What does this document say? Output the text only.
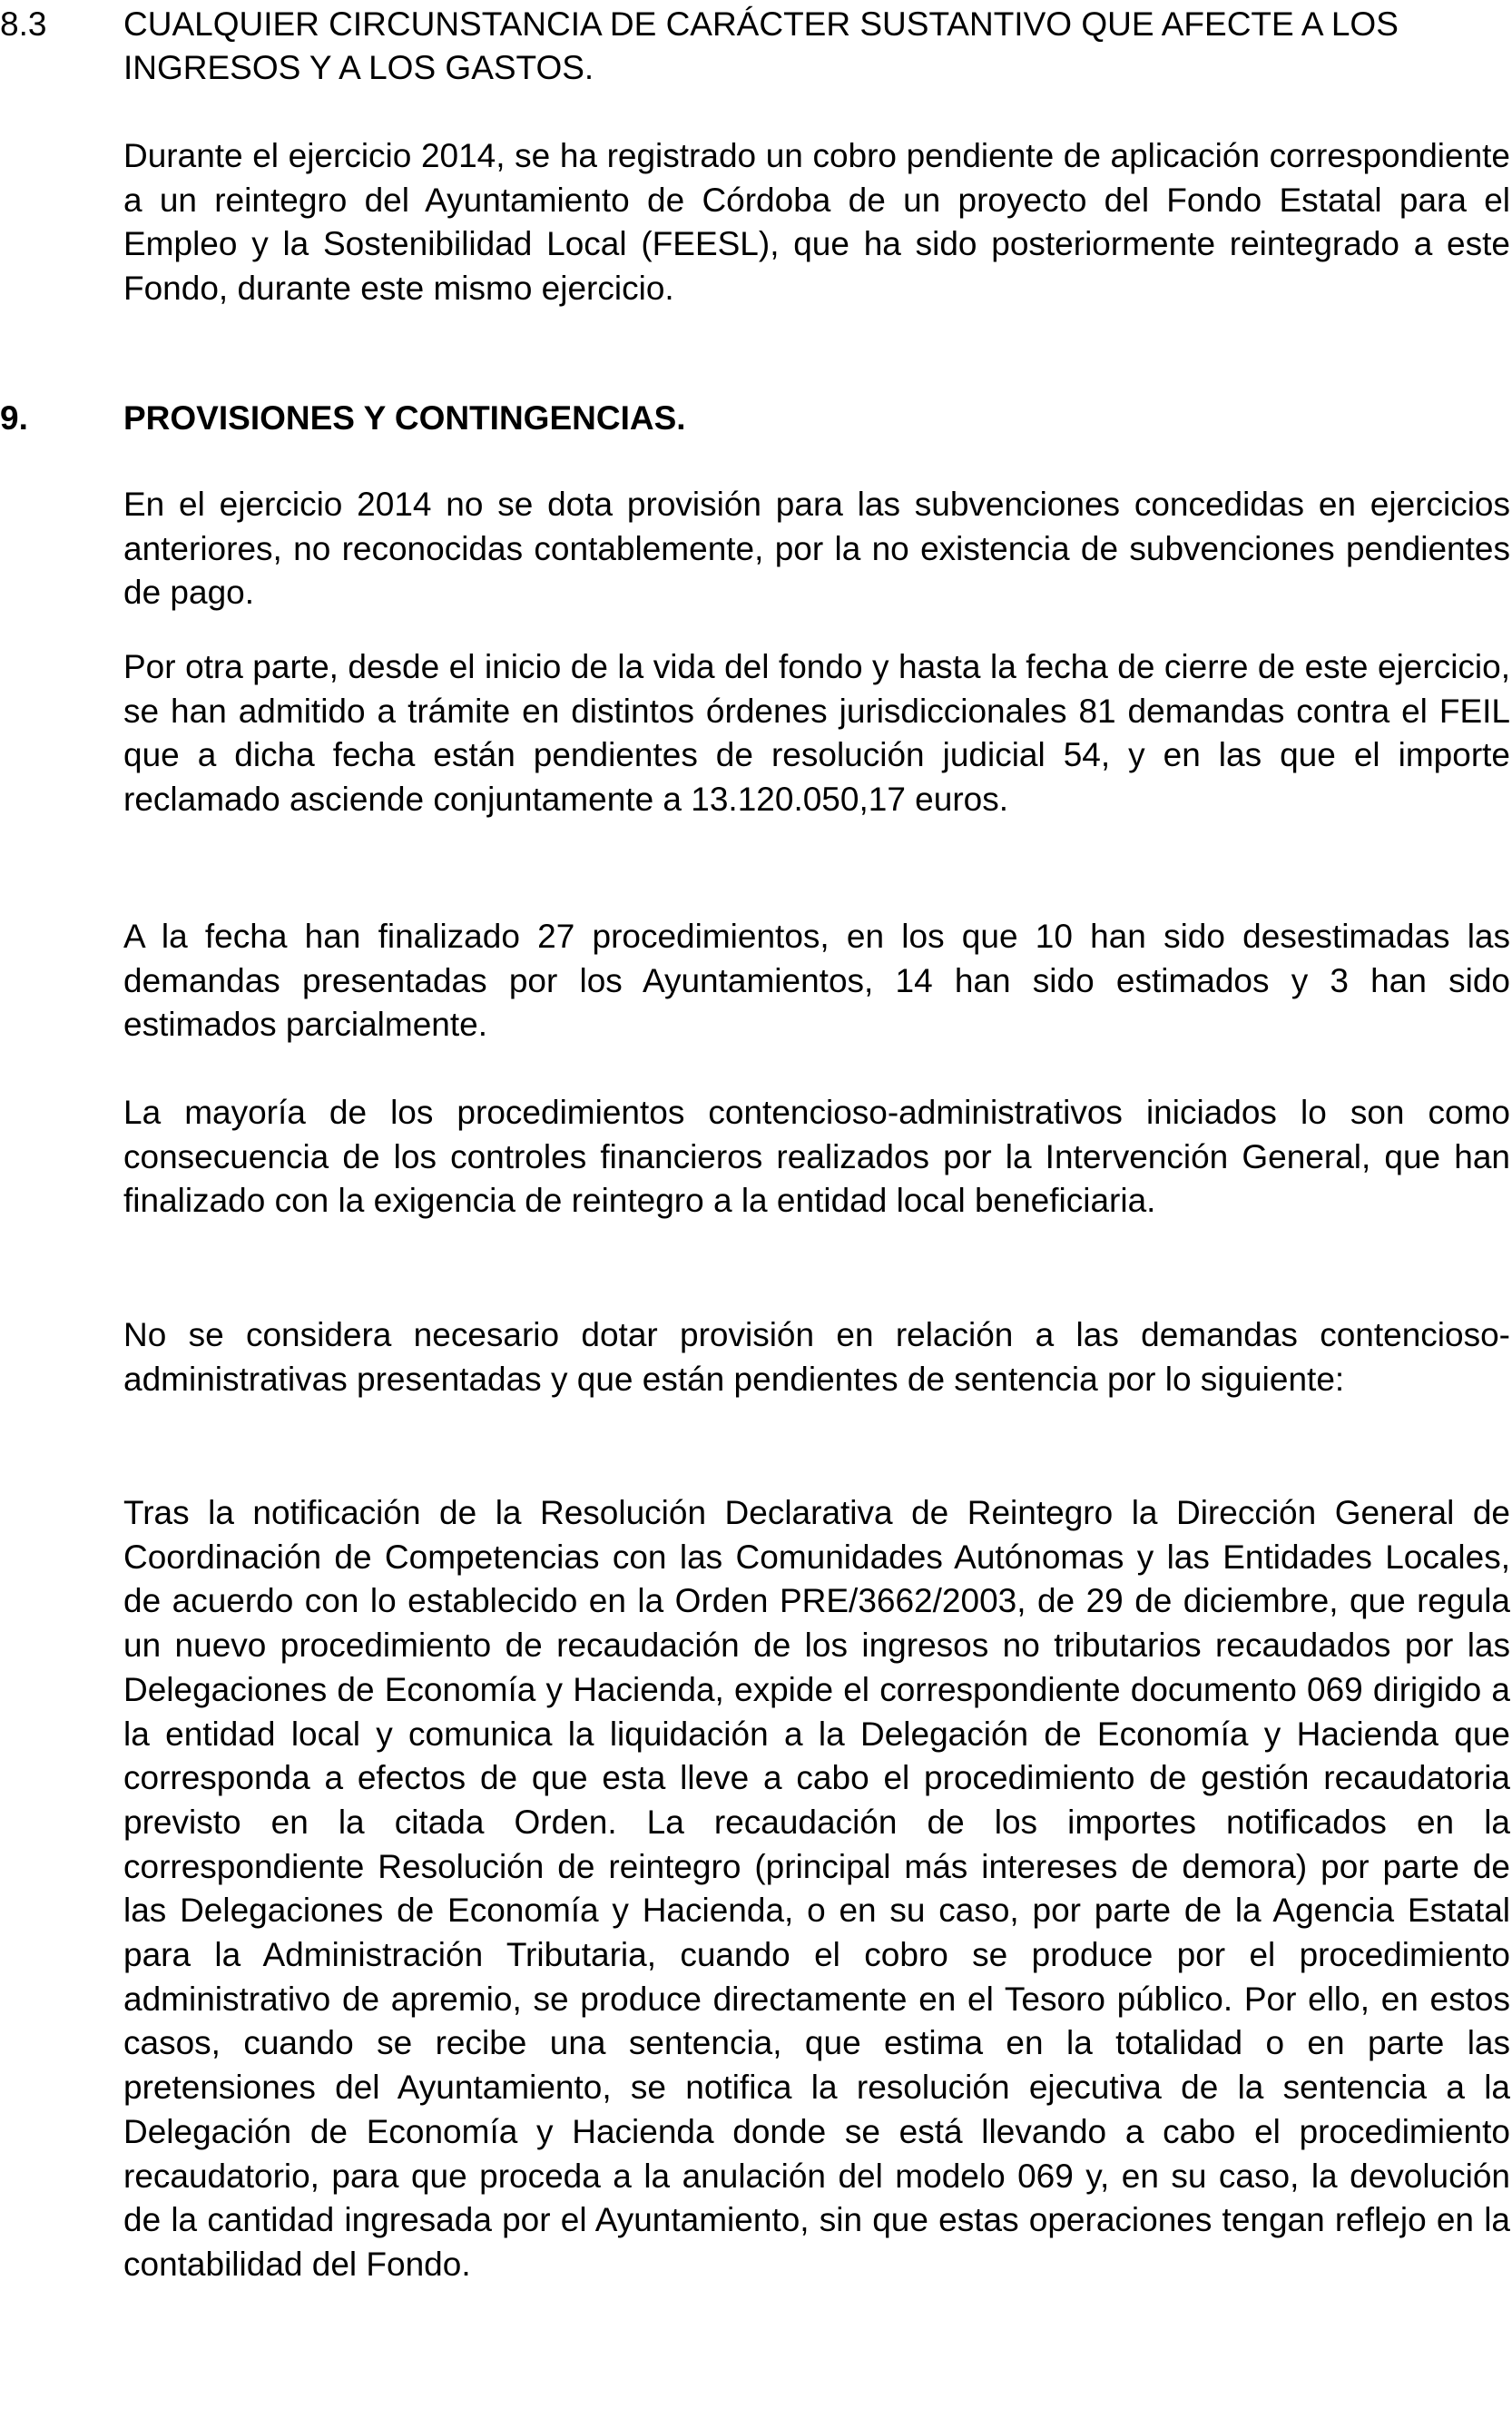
8.3 CUALQUIER CIRCUNSTANCIA DE CARÁCTER SUSTANTIVO QUE AFECTE A LOS INGRESOS Y A LOS GASTOS.

Durante el ejercicio 2014, se ha registrado un cobro pendiente de aplicación correspondiente a un reintegro del Ayuntamiento de Córdoba de un proyecto del Fondo Estatal para el Empleo y la Sostenibilidad Local (FEESL), que ha sido posteriormente reintegrado a este Fondo, durante este mismo ejercicio.

9.	PROVISIONES Y CONTINGENCIAS.

En el ejercicio 2014 no se dota provisión para las subvenciones concedidas en ejercicios anteriores, no reconocidas contablemente, por la no existencia de subvenciones pendientes de pago.

Por otra parte, desde el inicio de la vida del fondo y hasta la fecha de cierre de este ejercicio, se han admitido a trámite en distintos órdenes jurisdiccionales 81 demandas contra el FEIL que a dicha fecha están pendientes de resolución judicial 54, y en las que el importe reclamado asciende conjuntamente a 13.120.050,17 euros.

A la fecha han finalizado 27 procedimientos, en los que 10 han sido desestimadas las demandas presentadas por los Ayuntamientos, 14 han sido estimados y 3 han sido estimados parcialmente.

La mayoría de los procedimientos contencioso-administrativos iniciados lo son como consecuencia de los controles financieros realizados por la Intervención General, que han finalizado con la exigencia de reintegro a la entidad local beneficiaria.

No se considera necesario dotar provisión en relación a las demandas contencioso-administrativas presentadas y que están pendientes de sentencia por lo siguiente:

Tras la notificación de la Resolución Declarativa de Reintegro la Dirección General de Coordinación de Competencias con las Comunidades Autónomas y las Entidades Locales, de acuerdo con lo establecido en la Orden PRE/3662/2003, de 29 de diciembre, que regula un nuevo procedimiento de recaudación de los ingresos no tributarios recaudados por las Delegaciones de Economía y Hacienda, expide el correspondiente documento 069 dirigido a la entidad local y comunica la liquidación a la Delegación de Economía y Hacienda que corresponda a efectos de que esta lleve a cabo el procedimiento de gestión recaudatoria previsto en la citada Orden. La recaudación de los importes notificados en la correspondiente Resolución de reintegro (principal más intereses de demora) por parte de las Delegaciones de Economía y Hacienda, o en su caso, por parte de la Agencia Estatal para la Administración Tributaria, cuando el cobro se produce por el procedimiento administrativo de apremio, se produce directamente en el Tesoro público. Por ello, en estos casos, cuando se recibe una sentencia, que estima en la totalidad o en parte las pretensiones del Ayuntamiento, se notifica la resolución ejecutiva de la sentencia a la Delegación de Economía y Hacienda donde se está llevando a cabo el procedimiento recaudatorio, para que proceda a la anulación del modelo 069 y, en su caso, la devolución de la cantidad ingresada por el Ayuntamiento, sin que estas operaciones tengan reflejo en la contabilidad del Fondo.
